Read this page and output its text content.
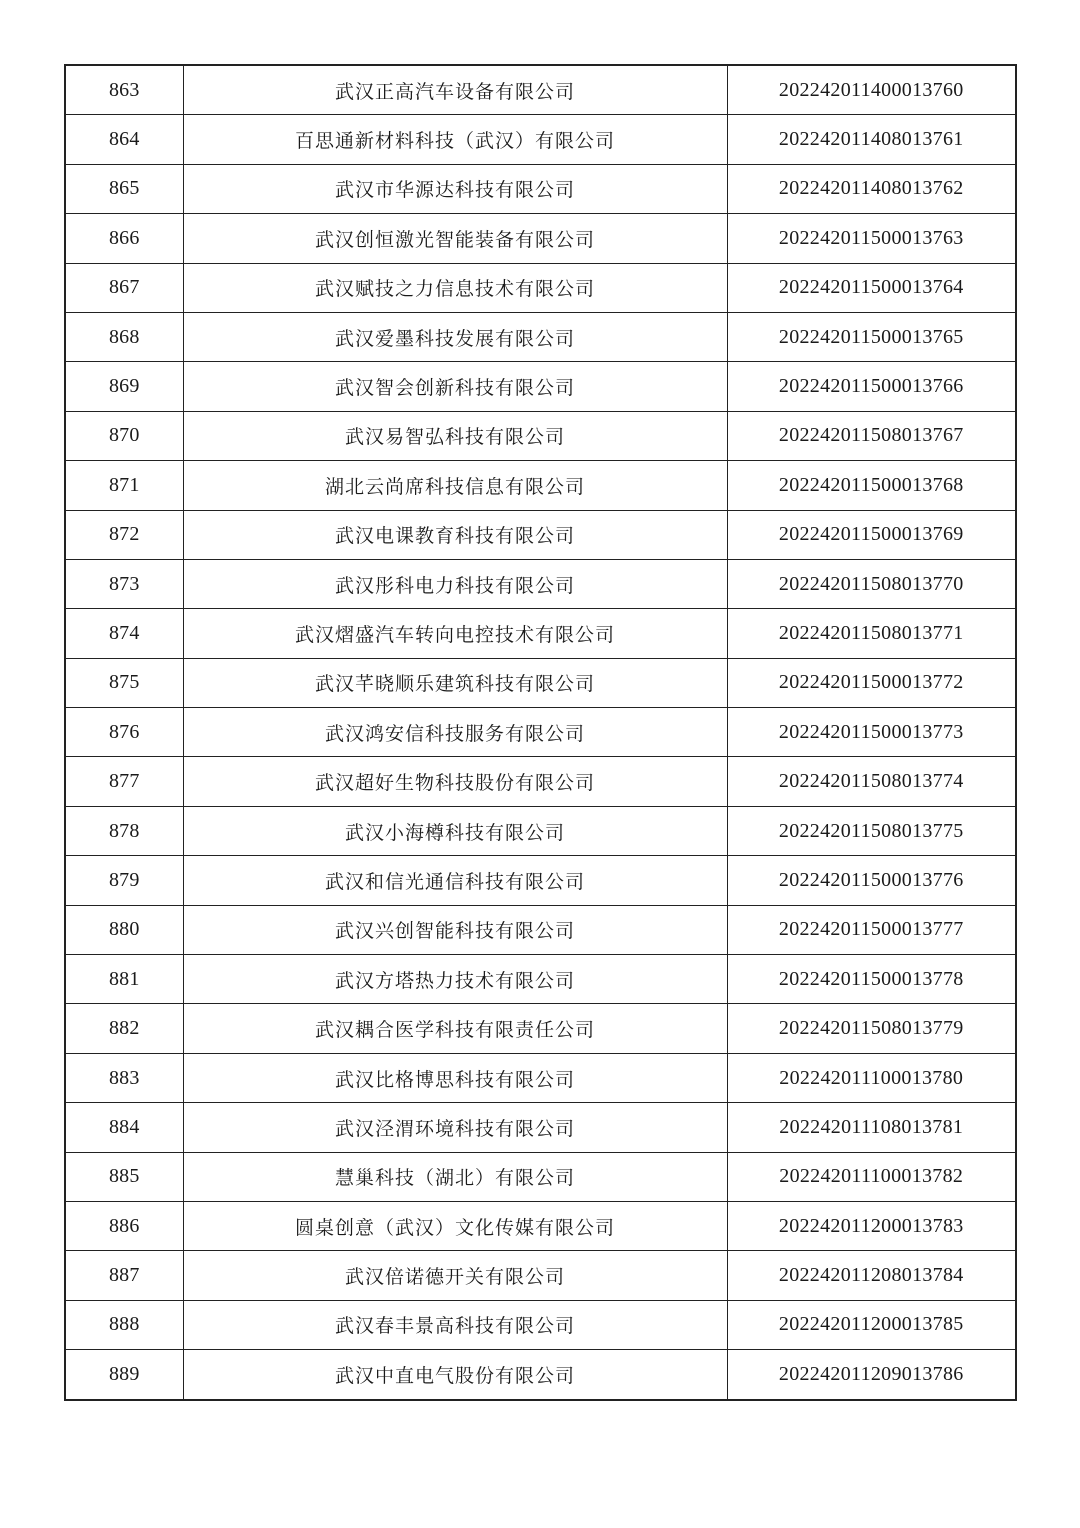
863	武汉正高汽车设备有限公司	202242011400013760
864	百思通新材料科技（武汉）有限公司	202242011408013761
865	武汉市华源达科技有限公司	202242011408013762
866	武汉创恒激光智能装备有限公司	202242011500013763
867	武汉赋技之力信息技术有限公司	202242011500013764
868	武汉爱墨科技发展有限公司	202242011500013765
869	武汉智会创新科技有限公司	202242011500013766
870	武汉易智弘科技有限公司	202242011508013767
871	湖北云尚席科技信息有限公司	202242011500013768
872	武汉电课教育科技有限公司	202242011500013769
873	武汉彤科电力科技有限公司	202242011508013770
874	武汉熠盛汽车转向电控技术有限公司	202242011508013771
875	武汉芊晓顺乐建筑科技有限公司	202242011500013772
876	武汉鸿安信科技服务有限公司	202242011500013773
877	武汉超好生物科技股份有限公司	202242011508013774
878	武汉小海樽科技有限公司	202242011508013775
879	武汉和信光通信科技有限公司	202242011500013776
880	武汉兴创智能科技有限公司	202242011500013777
881	武汉方塔热力技术有限公司	202242011500013778
882	武汉耦合医学科技有限责任公司	202242011508013779
883	武汉比格博思科技有限公司	202242011100013780
884	武汉泾渭环境科技有限公司	202242011108013781
885	慧巢科技（湖北）有限公司	202242011100013782
886	圆桌创意（武汉）文化传媒有限公司	202242011200013783
887	武汉倍诺德开关有限公司	202242011208013784
888	武汉春丰景高科技有限公司	202242011200013785
889	武汉中直电气股份有限公司	202242011209013786
